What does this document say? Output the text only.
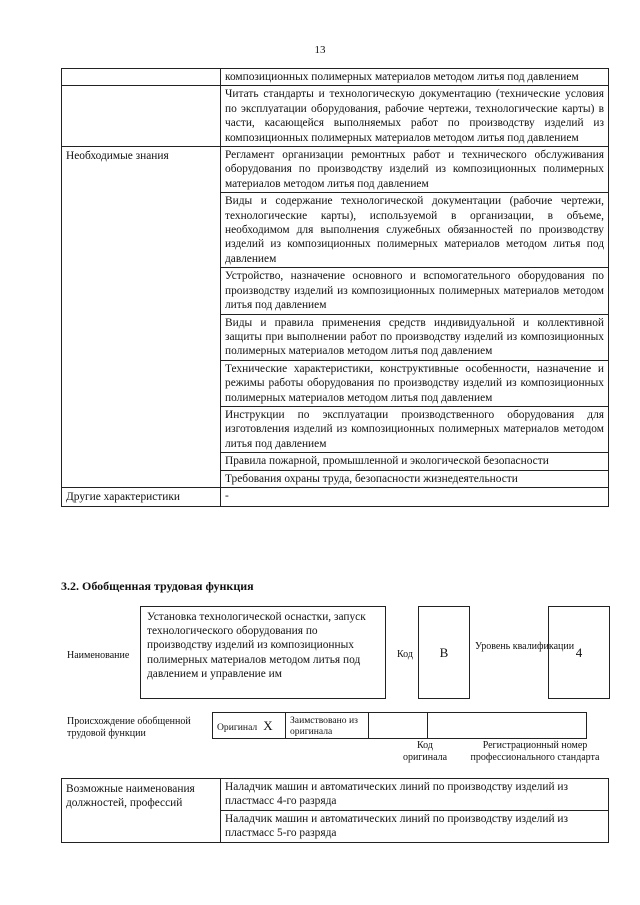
13
	композиционных полимерных материалов методом литья под давлением
	Читать стандарты и технологическую документацию (технические условия по эксплуатации оборудования, рабочие чертежи, технологические карты) в части, касающейся выполняемых работ по производству изделий из композиционных полимерных материалов методом литья под давлением
Необходимые знания	Регламент организации ремонтных работ и технического обслуживания оборудования по производству изделий из композиционных полимерных материалов методом литья под давлением
	Виды и содержание технологической документации (рабочие чертежи, технологические карты), используемой в организации, в объеме, необходимом для выполнения служебных обязанностей по производству изделий из композиционных полимерных материалов методом литья под давлением
	Устройство, назначение основного и вспомогательного оборудования по производству изделий из композиционных полимерных материалов методом литья под давлением
	Виды и правила применения средств индивидуальной и коллективной защиты при выполнении работ по производству изделий из композиционных полимерных материалов методом литья под давлением
	Технические характеристики, конструктивные особенности, назначение и режимы работы оборудования по производству изделий из композиционных полимерных материалов методом литья под давлением
	Инструкции по эксплуатации производственного оборудования для изготовления изделий из композиционных полимерных материалов методом литья под давлением
	Правила пожарной, промышленной и экологической безопасности
	Требования охраны труда, безопасности жизнедеятельности
Другие характеристики	-
3.2. Обобщенная трудовая функция
Наименование
Установка технологической оснастки, запуск технологического оборудования по производству изделий из композиционных полимерных материалов методом литья под давлением и управление им
Код	B	Уровень квалификации 4
Происхождение обобщенной трудовой функции
Оригинал X	Заимствовано из оригинала		
Код оригинала
Регистрационный номер профессионального стандарта
Возможные наименования должностей, профессий	Наладчик машин и автоматических линий по производству изделий из пластмасс 4-го разряда
Наладчик машин и автоматических линий по производству изделий из пластмасс 5-го разряда
